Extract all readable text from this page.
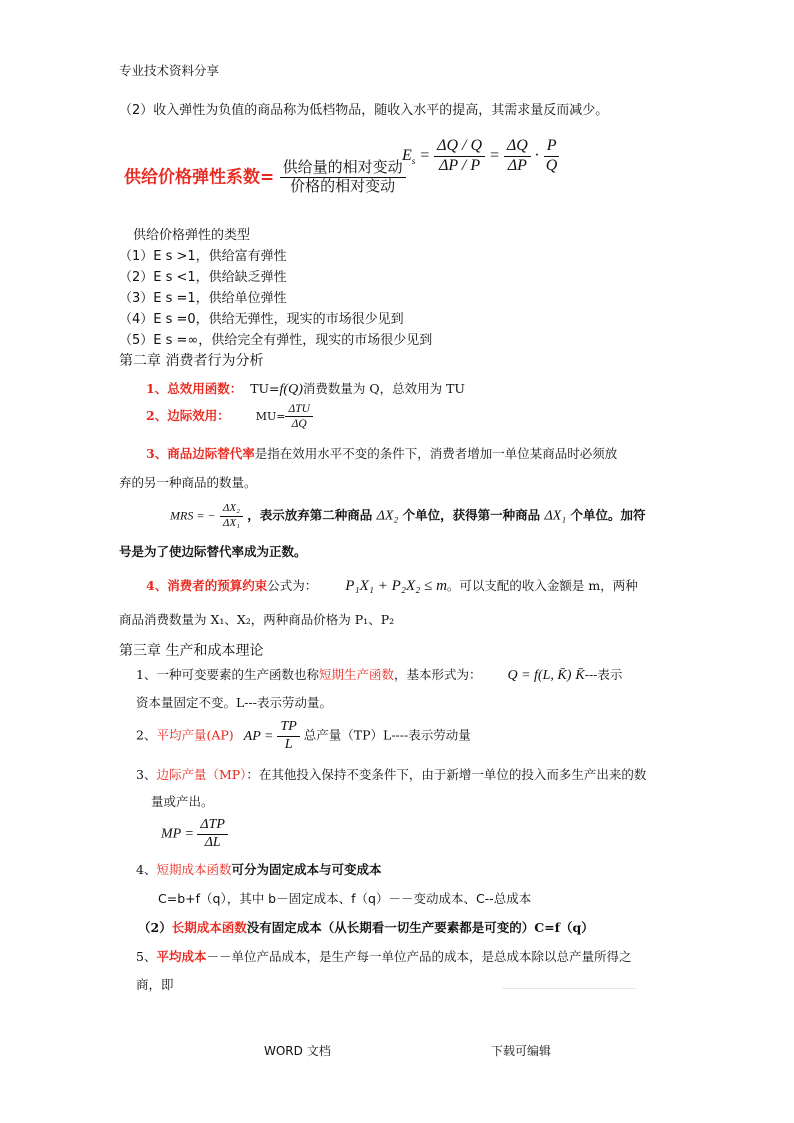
专业技术资料分享
（2）收入弹性为负值的商品称为低档物品，随收入水平的提高，其需求量反而减少。
供给价格弹性系数= $\frac{\text{供给量的相对变动}}{\text{价格的相对变动}}$
$E_s = \frac{\Delta Q / Q}{\Delta P / P} = \frac{\Delta Q}{\Delta P} \cdot \frac{P}{Q}$
供给价格弹性的类型
（1）E s >1，供给富有弹性
（2）E s <1，供给缺乏弹性
（3）E s =1，供给单位弹性
（4）E s =0，供给无弹性，现实的市场很少见到
（5）E s =∞，供给完全有弹性，现实的市场很少见到
第二章 消费者行为分析
1、总效用函数： TU=f(Q)消费数量为 Q，总效用为 TU
2、边际效用： $MU= \frac{\text{ΔTU}}{\Delta Q}$
3、商品边际替代率是指在效用水平不变的条件下，消费者增加一单位某商品时必须放
弃的另一种商品的数量。
MRS = − $\frac{\text{ΔX₂}}{\text{ΔX₁}}$ ，表示放弃第二种商品 ΔX₂ 个单位，获得第一种商品 ΔX₁ 个单位。加符
号是为了使边际替代率成为正数。
4、消费者的预算约束公式为： P₁X₁ + P₂X₂ ≤ m。可以支配的收入金额是 m，两种
商品消费数量为 X₁、X₂，两种商品价格为 P₁、P₂
第三章 生产和成本理论
1、一种可变要素的生产函数也称短期生产函数，基本形式为： Q = f(L, K̄) K̄---表示
资本量固定不变。L---表示劳动量。
2、平均产量(AP) AP = $\frac{TP}{L}$ 总产量（TP）L----表示劳动量
3、边际产量（MP）：在其他投入保持不变条件下，由于新增一单位的投入而多生产出来的数
量或产出。
MP = $\frac{\text{ΔTP}}{\Delta L}$
4、短期成本函数可分为固定成本与可变成本
C=b+f（q），其中 b－固定成本、f（q）－－变动成本、C--总成本
（2）长期成本函数没有固定成本（从长期看一切生产要素都是可变的）C=f（q）
5、平均成本－－单位产品成本，是生产每一单位产品的成本，是总成本除以总产量所得之
商，即
WORD 文档	下载可编辑
